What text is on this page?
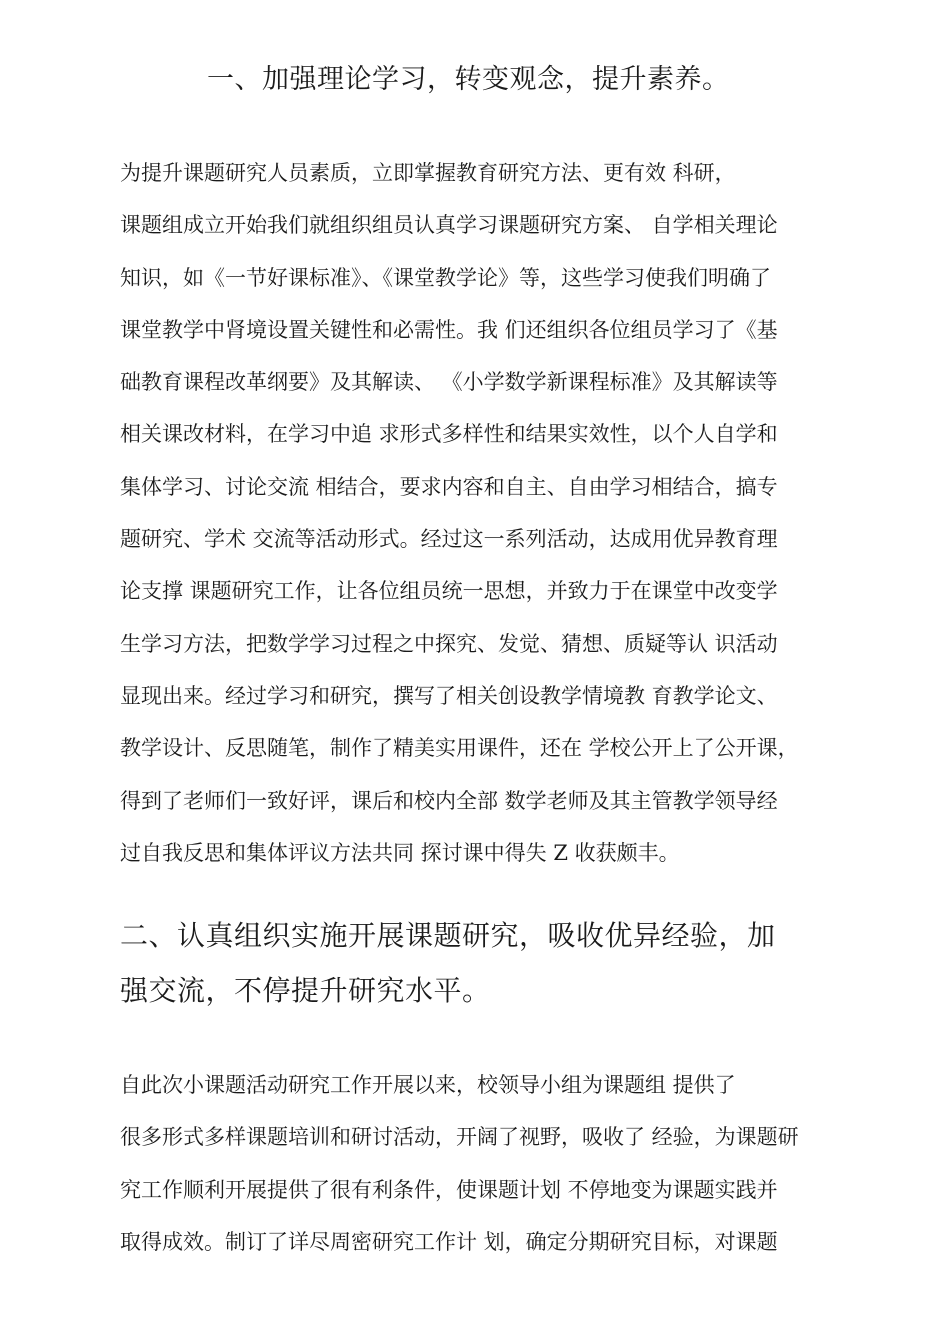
一、加强理论学习，转变观念，提升素养。
为提升课题研究人员素质，立即掌握教育研究方法、更有效 科研，
课题组成立开始我们就组织组员认真学习课题研究方案、 自学相关理论
知识，如《一节好课标准》、《课堂教学论》等，这些学习使我们明确了
课堂教学中肾境设置关键性和必需性。我 们还组织各位组员学习了《基
础教育课程改革纲要》及其解读、 《小学数学新课程标准》及其解读等
相关课改材料，在学习中追 求形式多样性和结果实效性，以个人自学和
集体学习、讨论交流 相结合，要求内容和自主、自由学习相结合，搞专
题研究、学术 交流等活动形式。经过这一系列活动，达成用优异教育理
论支撑 课题研究工作，让各位组员统一思想，并致力于在课堂中改变学
生学习方法，把数学学习过程之中探究、发觉、猜想、质疑等认 识活动
显现出来。经过学习和研究，撰写了相关创设教学情境教 育教学论文、
教学设计、反思随笔，制作了精美实用课件，还在 学校公开上了公开课，
得到了老师们一致好评，课后和校内全部 数学老师及其主管教学领导经
过自我反思和集体评议方法共同 探讨课中得失 Z 收获颇丰。
二、认真组织实施开展课题研究，吸收优异经验，加
强交流，不停提升研究水平。
自此次小课题活动研究工作开展以来，校领导小组为课题组 提供了
很多形式多样课题培训和研讨活动，开阔了视野，吸收了 经验，为课题研
究工作顺利开展提供了很有利条件，使课题计划 不停地变为课题实践并
取得成效。制订了详尽周密研究工作计 划，确定分期研究目标，对课题
